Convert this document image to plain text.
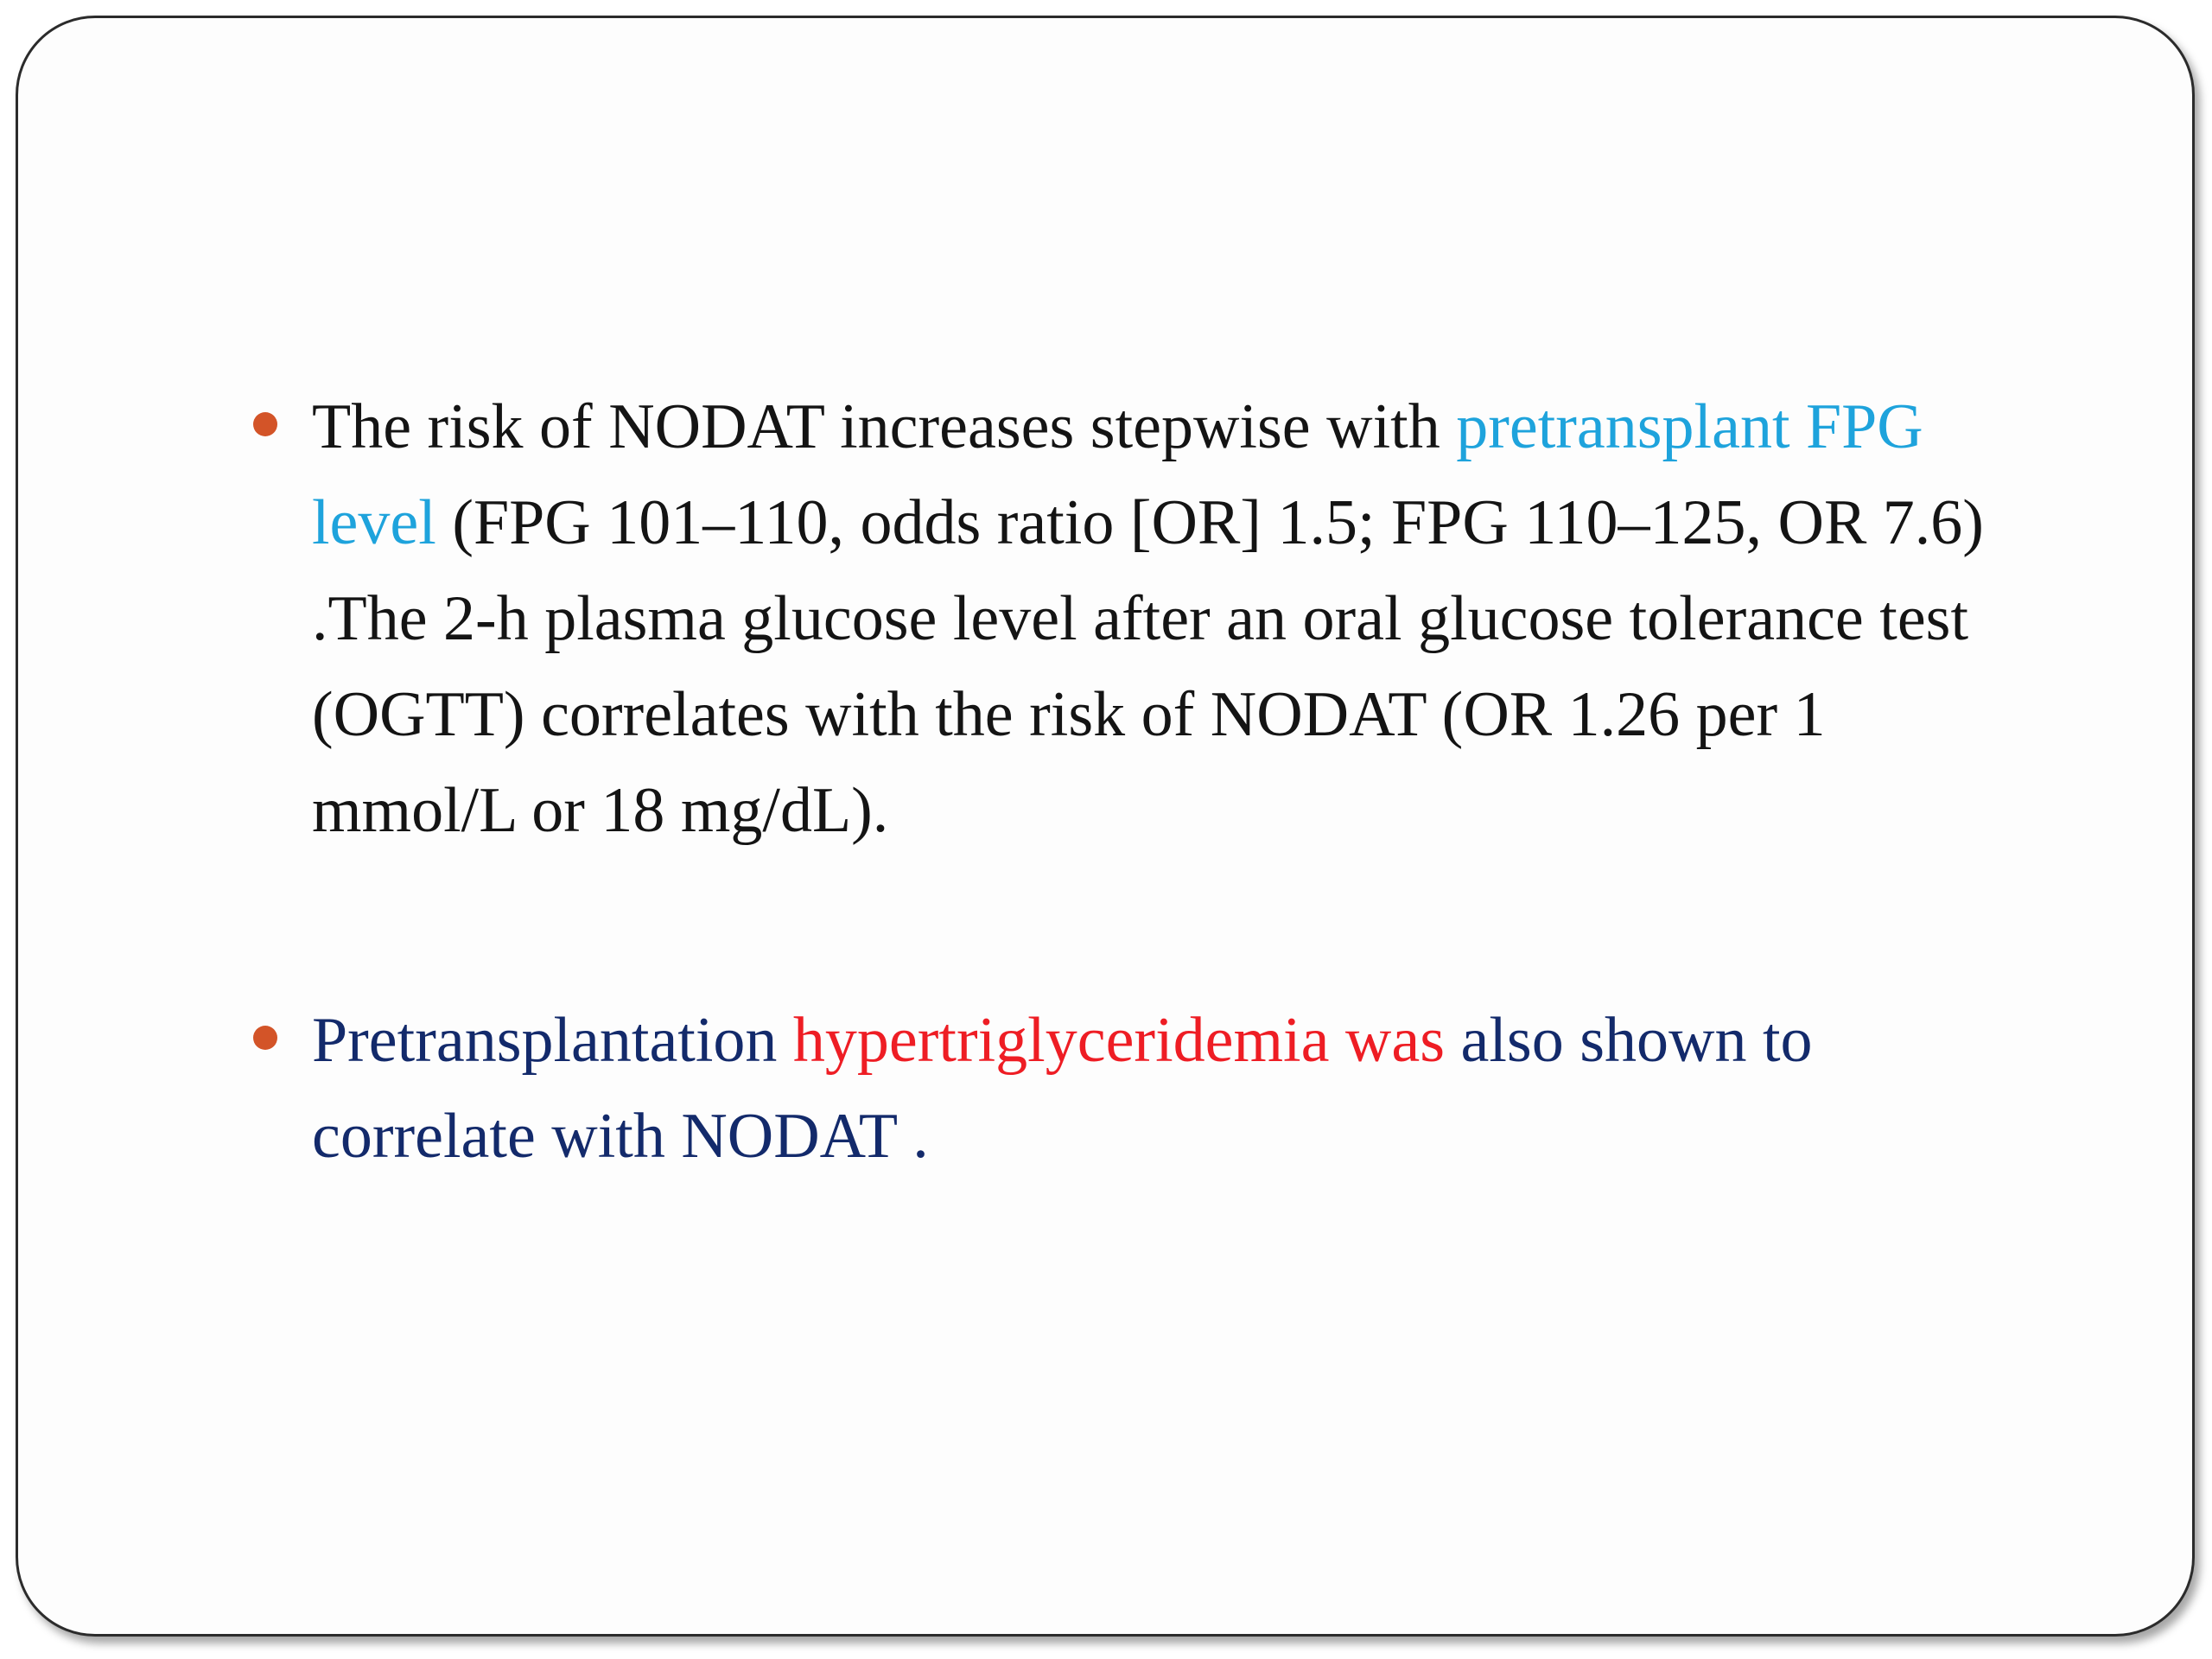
The risk of NODAT increases stepwise with pretransplant FPG level (FPG 101–110, odds ratio [OR] 1.5; FPG 110–125, OR 7.6) .The 2-h plasma glucose level after an oral glucose tolerance test (OGTT) correlates with the risk of NODAT (OR 1.26 per 1 mmol/L or 18 mg/dL).
Pretransplantation hypertriglyceridemia was also shown to correlate with NODAT .
